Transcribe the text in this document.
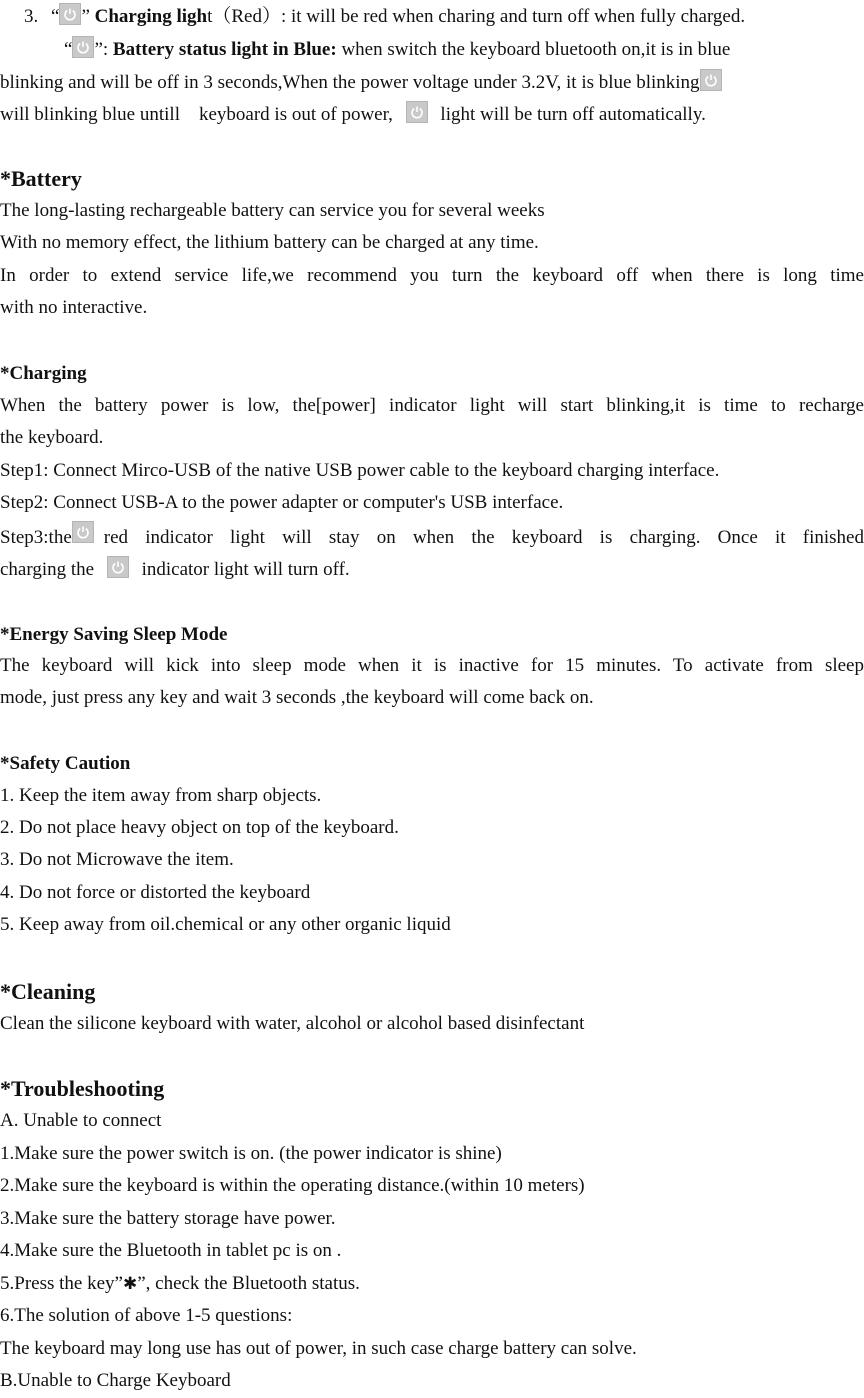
3. “ ” Charging light（Red）: it will be red when charing and turn off when fully charged.
“ ”: Battery status light in Blue: when switch the keyboard bluetooth on,it is in blue
blinking and will be off in 3 seconds,When the power voltage under 3.2V, it is blue blinking
will blinking blue untill    keyboard is out of power,	light will be turn off automatically.
*Battery
The long-lasting rechargeable battery can service you for several weeks
With no memory effect, the lithium battery can be charged at any time.
In order to extend service life,we recommend you turn the keyboard off when there is long time
with no interactive.
*Charging
When the battery power is low, the[power] indicator light will start blinking,it is time to recharge
the keyboard.
Step1: Connect Mirco-USB of the native USB power cable to the keyboard charging interface.
Step2: Connect USB-A to the power adapter or computer's USB interface.
Step3:the red indicator light will stay on when the keyboard is charging. Once it finished
charging the	indicator light will turn off.
*Energy Saving Sleep Mode
The keyboard will kick into sleep mode when it is inactive for 15 minutes. To activate from sleep
mode, just press any key and wait 3 seconds ,the keyboard will come back on.
*Safety Caution
1. Keep the item away from sharp objects.
2. Do not place heavy object on top of the keyboard.
3. Do not Microwave the item.
4. Do not force or distorted the keyboard
5. Keep away from oil.chemical or any other organic liquid
*Cleaning
Clean the silicone keyboard with water, alcohol or alcohol based disinfectant
*Troubleshooting
A. Unable to connect
1.Make sure the power switch is on. (the power indicator is shine)
2.Make sure the keyboard is within the operating distance.(within 10 meters)
3.Make sure the battery storage have power.
4.Make sure the Bluetooth in tablet pc is on .
5.Press the key”✱”, check the Bluetooth status.
6.The solution of above 1-5 questions:
The keyboard may long use has out of power, in such case charge battery can solve.
B.Unable to Charge Keyboard
